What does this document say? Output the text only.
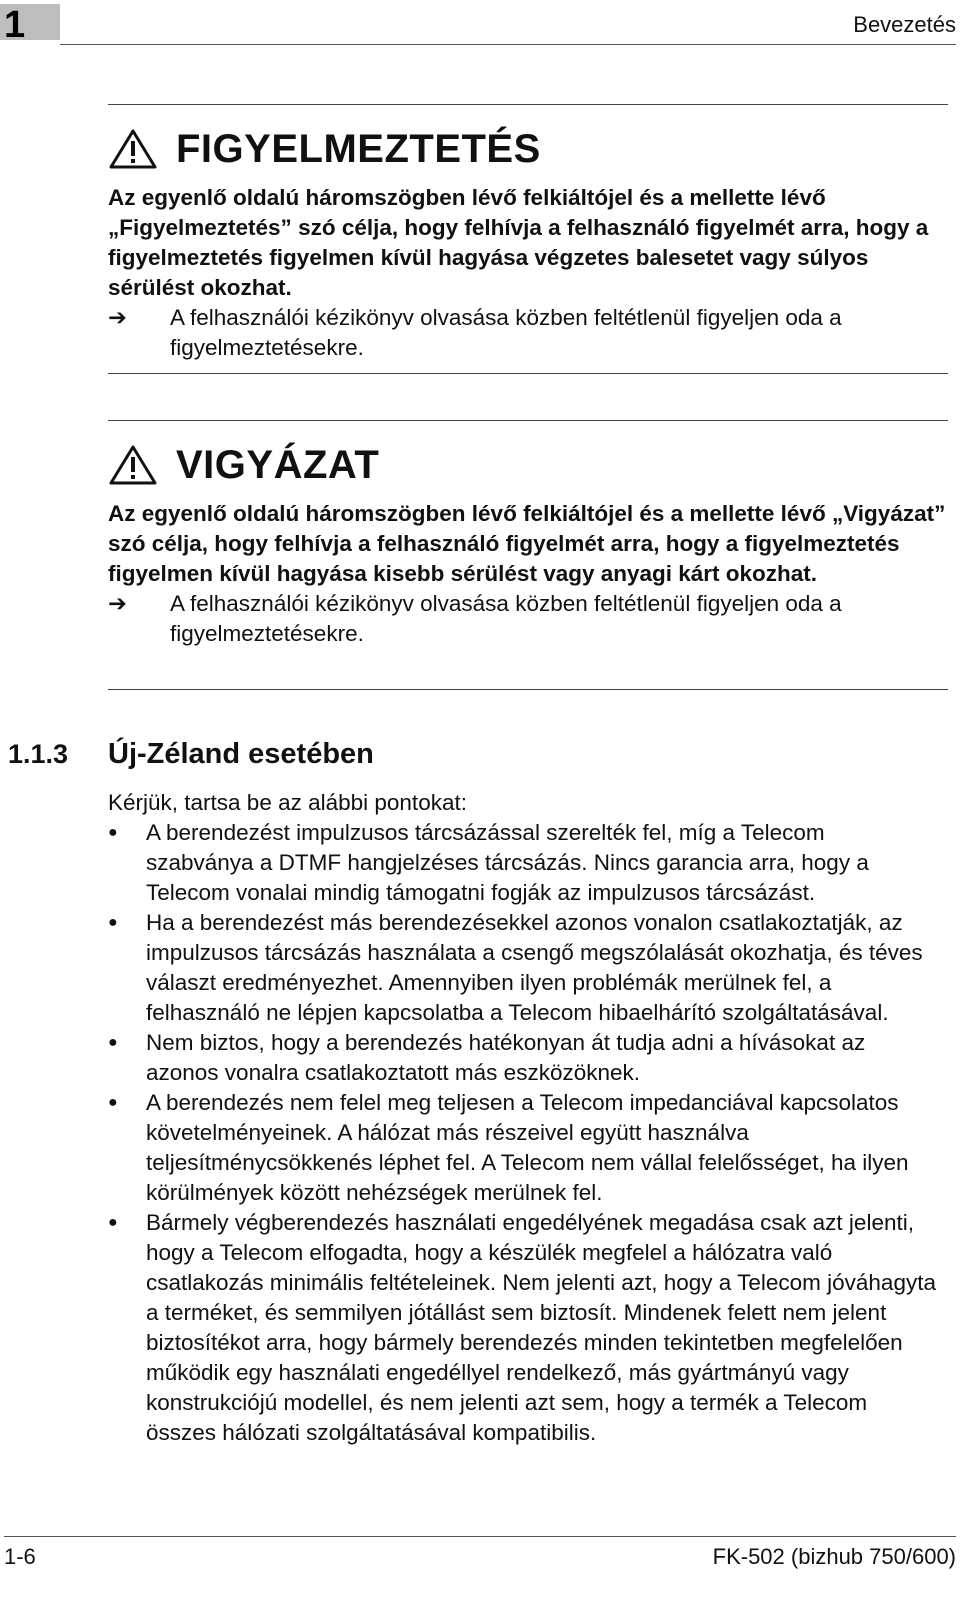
1	Bevezetés
FIGYELMEZTETÉS
Az egyenlő oldalú háromszögben lévő felkiáltójel és a mellette lévő „Figyelmeztetés” szó célja, hogy felhívja a felhasználó figyelmét arra, hogy a figyelmeztetés figyelmen kívül hagyása végzetes balesetet vagy súlyos sérülést okozhat.
➔	A felhasználói kézikönyv olvasása közben feltétlenül figyeljen oda a figyelmeztetésekre.
VIGYÁZAT
Az egyenlő oldalú háromszögben lévő felkiáltójel és a mellette lévő „Vigyázat” szó célja, hogy felhívja a felhasználó figyelmét arra, hogy a figyelmeztetés figyelmen kívül hagyása kisebb sérülést vagy anyagi kárt okozhat.
➔	A felhasználói kézikönyv olvasása közben feltétlenül figyeljen oda a figyelmeztetésekre.
1.1.3	Új-Zéland esetében
Kérjük, tartsa be az alábbi pontokat:
●	A berendezést impulzusos tárcsázással szerelték fel, míg a Telecom szabványa a DTMF hangjelzéses tárcsázás. Nincs garancia arra, hogy a Telecom vonalai mindig támogatni fogják az impulzusos tárcsázást.
●	Ha a berendezést más berendezésekkel azonos vonalon csatlakoztatják, az impulzusos tárcsázás használata a csengő megszólalását okozhatja, és téves választ eredményezhet. Amennyiben ilyen problémák merülnek fel, a felhasználó ne lépjen kapcsolatba a Telecom hibaelhárító szolgáltatásával.
●	Nem biztos, hogy a berendezés hatékonyan át tudja adni a hívásokat az azonos vonalra csatlakoztatott más eszközöknek.
●	A berendezés nem felel meg teljesen a Telecom impedanciával kapcsolatos követelményeinek. A hálózat más részeivel együtt használva teljesítménycsökkenés léphet fel. A Telecom nem vállal felelősséget, ha ilyen körülmények között nehézségek merülnek fel.
●	Bármely végberendezés használati engedélyének megadása csak azt jelenti, hogy a Telecom elfogadta, hogy a készülék megfelel a hálózatra való csatlakozás minimális feltételeinek. Nem jelenti azt, hogy a Telecom jóváhagyta a terméket, és semmilyen jótállást sem biztosít. Mindenek felett nem jelent biztosítékot arra, hogy bármely berendezés minden tekintetben megfelelően működik egy használati engedéllyel rendelkező, más gyártmányú vagy konstrukciójú modellel, és nem jelenti azt sem, hogy a termék a Telecom összes hálózati szolgáltatásával kompatibilis.
1-6	FK-502 (bizhub 750/600)
